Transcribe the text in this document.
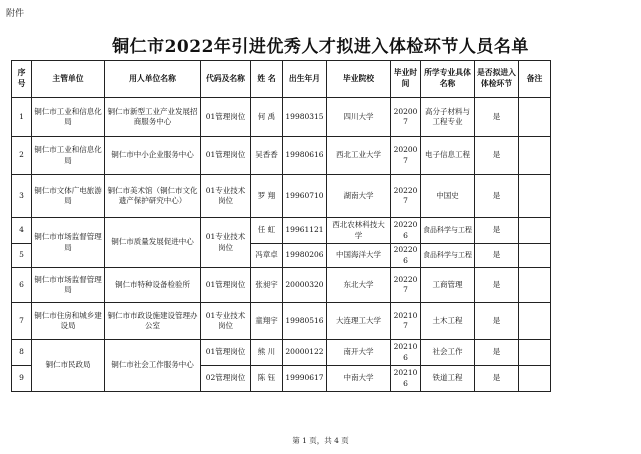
附件
铜仁市2022年引进优秀人才拟进入体检环节人员名单
序号	主管单位	用人单位名称	代码及名称	姓 名	出生年月	毕业院校	毕业时间	所学专业具体名称	是否拟进入体检环节	备注
1	铜仁市工业和信息化局	铜仁市新型工业产业发展招商服务中心	01管理岗位	何 禹	19980315	四川大学	202007	高分子材料与工程专业	是	
2	铜仁市工业和信息化局	铜仁市中小企业服务中心	01管理岗位	吴香香	19980616	西北工业大学	202007	电子信息工程	是	
3	铜仁市文体广电旅游局	铜仁市美术馆（铜仁市文化遗产保护研究中心）	01专业技术岗位	罗 翔	19960710	湖南大学	202207	中国史	是	
4	铜仁市市场监督管理局	铜仁市质量发展促进中心	01专业技术岗位	任 虹	19961121	西北农林科技大学	202206	食品科学与工程	是	
5				冯章卓	19980206	中国海洋大学	202206	食品科学与工程	是	
6	铜仁市市场监督管理局	铜仁市特种设备检验所	01管理岗位	张昶宇	20000320	东北大学	202207	工商管理	是	
7	铜仁市住房和城乡建设局	铜仁市市政设施建设管理办公室	01专业技术岗位	童翔宇	19980516	大连理工大学	202107	土木工程	是	
8	铜仁市民政局	铜仁市社会工作服务中心	01管理岗位	熊 川	20000122	南开大学	202106	社会工作	是	
9			02管理岗位	陈 钰	19990617	中南大学	202106	铁道工程	是	
第 1 页，共 4 页
